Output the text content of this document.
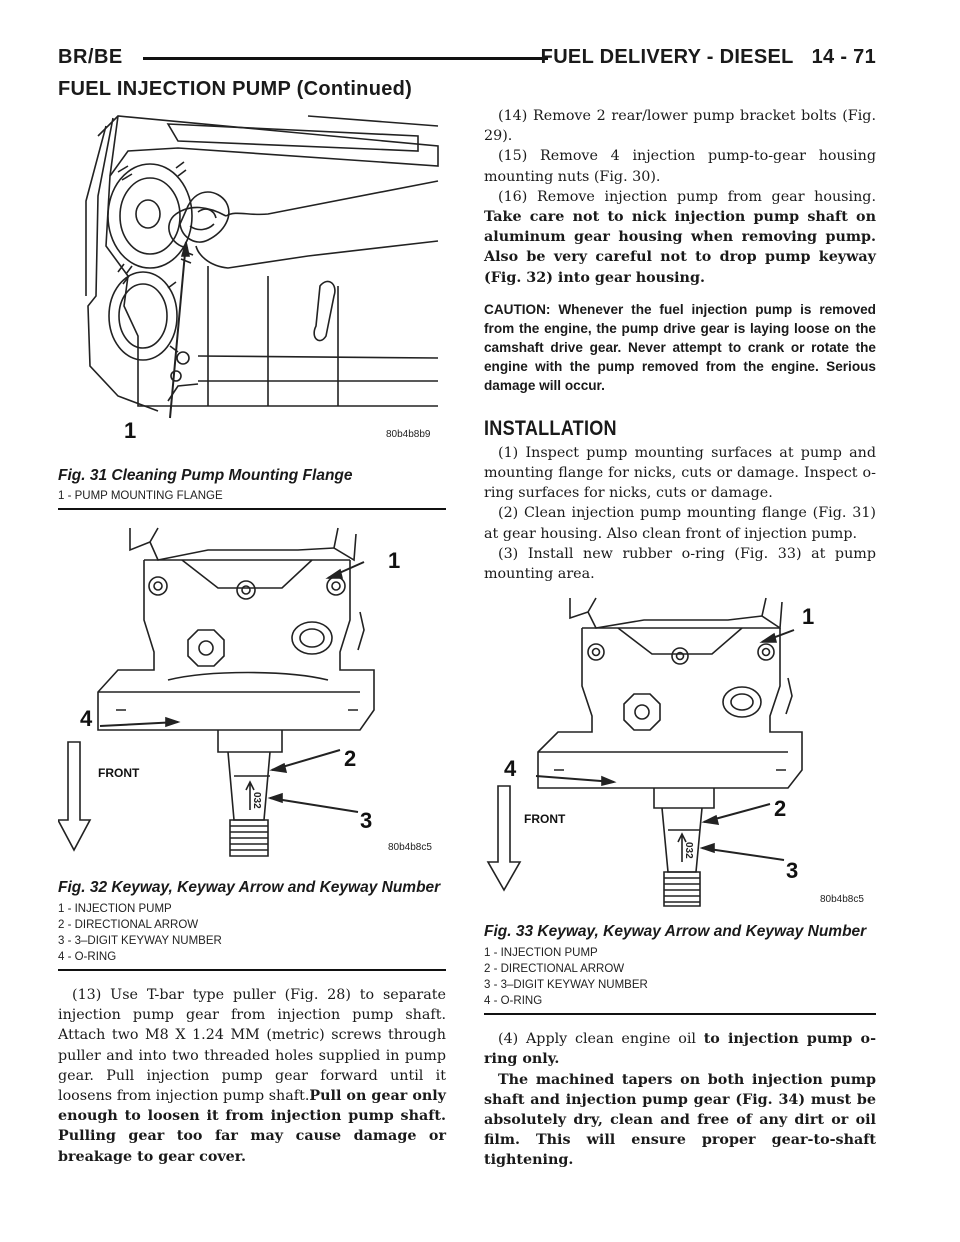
BR/BE	FUEL DELIVERY - DIESEL 14 - 71
FUEL INJECTION PUMP (Continued)
1	80b4b8b9

Fig. 31 Cleaning Pump Mounting Flange

1 - PUMP MOUNTING FLANGE

032
1
4
FRONT
2
3
80b4b8c5

Fig. 32 Keyway, Keyway Arrow and Keyway Number

1 - INJECTION PUMP

2 - DIRECTIONAL ARROW

3 - 3–DIGIT KEYWAY NUMBER

4 - O-RING

(13) Use T-bar type puller (Fig. 28) to separate injection pump gear from injection pump shaft. Attach two M8 X 1.24 MM (metric) screws through puller and into two threaded holes supplied in pump gear. Pull injection pump gear forward until it loosens from injection pump shaft.Pull on gear only enough to loosen it from injection pump shaft. Pulling gear too far may cause damage or breakage to gear cover.

(14) Remove 2 rear/lower pump bracket bolts (Fig. 29).

(15) Remove 4 injection pump-to-gear housing mounting nuts (Fig. 30).

(16) Remove injection pump from gear housing. Take care not to nick injection pump shaft on aluminum gear housing when removing pump. Also be very careful not to drop pump keyway (Fig. 32) into gear housing.

CAUTION: Whenever the fuel injection pump is removed from the engine, the pump drive gear is laying loose on the camshaft drive gear. Never attempt to crank or rotate the engine with the pump removed from the engine. Serious damage will occur.

INSTALLATION

(1) Inspect pump mounting surfaces at pump and mounting flange for nicks, cuts or damage. Inspect o-ring surfaces for nicks, cuts or damage.

(2) Clean injection pump mounting flange (Fig. 31) at gear housing. Also clean front of injection pump.

(3) Install new rubber o-ring (Fig. 33) at pump mounting area.

032
1
4
FRONT	2
3
80b4b8c5

Fig. 33 Keyway, Keyway Arrow and Keyway Number

1 - INJECTION PUMP

2 - DIRECTIONAL ARROW

3 - 3–DIGIT KEYWAY NUMBER

4 - O-RING

(4) Apply clean engine oil to injection pump o-ring only.

The machined tapers on both injection pump shaft and injection pump gear (Fig. 34) must be absolutely dry, clean and free of any dirt or oil film. This will ensure proper gear-to-shaft tightening.
